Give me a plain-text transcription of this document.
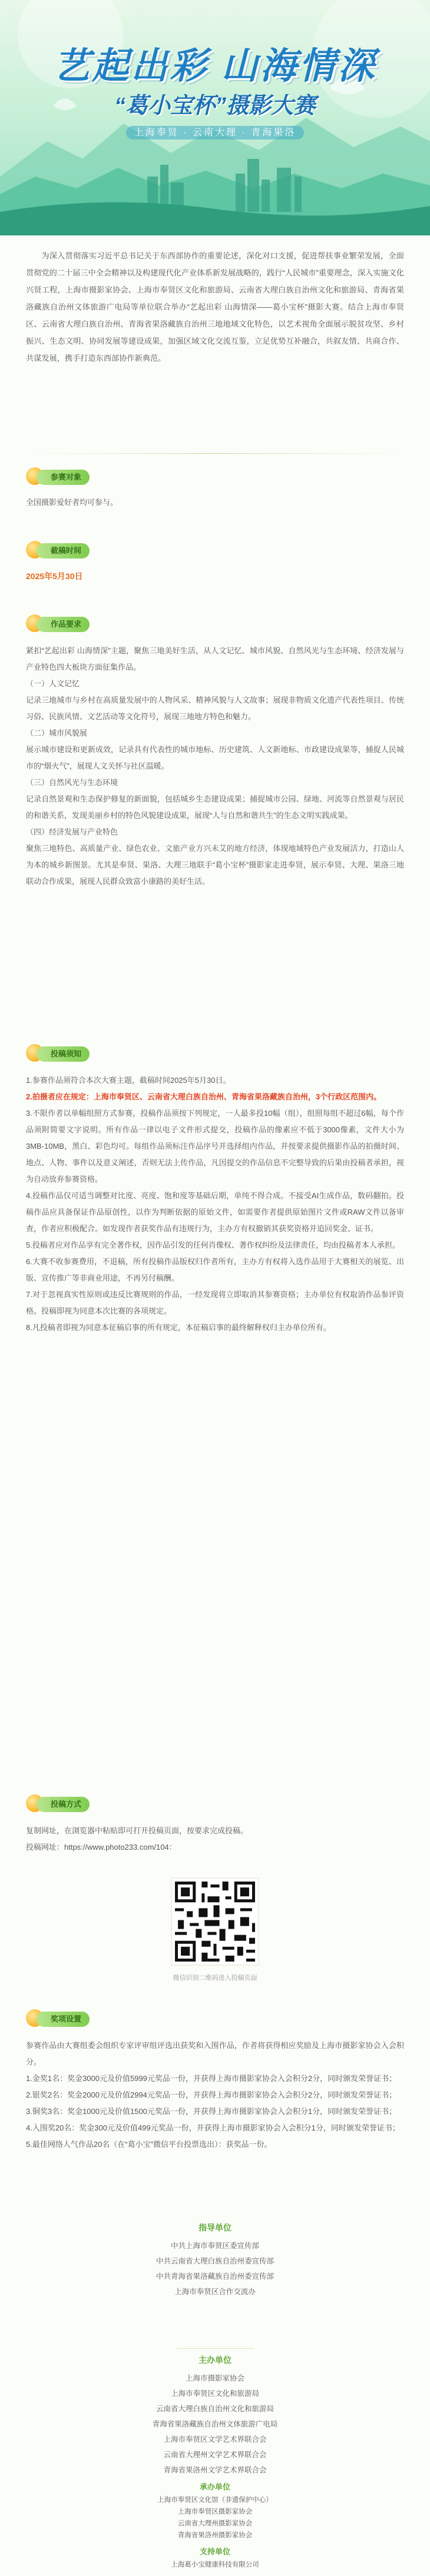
艺起出彩 山海情深
“葛小宝杯”摄影大赛
上海奉贤 · 云南大理 · 青海果洛
为深入贯彻落实习近平总书记关于东西部协作的重要论述，深化对口支援，促进帮扶事业繁荣发展，全面贯彻党的二十届三中全会精神以及构建现代化产业体系新发展战略的，践行“人民城市”重要理念，深入实施文化兴贤工程，上海市摄影家协会、上海市奉贤区文化和旅游局、云南省大理白族自治州文化和旅游局、青海省果洛藏族自治州文体旅游广电局等单位联合举办“艺起出彩 山海情深——葛小宝杯”摄影大赛。结合上海市奉贤区、云南省大理白族自治州、青海省果洛藏族自治州三地地域文化特色，以艺术视角全面展示脱贫攻坚、乡村振兴、生态文明、协同发展等建设成果，加强区域文化交流互鉴，立足优势互补融合，共叙友情、共商合作、共谋发展，携手打造东西部协作新典范。
参赛对象
全国摄影爱好者均可参与。
截稿时间
2025年5月30日
作品要求

紧扣“艺起出彩 山海情深”主题，聚焦三地美好生活，从人文记忆、城市风貌、自然风光与生态环境、经济发展与产业特色四大板块方面征集作品。

（一）人文记忆

记录三地城市与乡村在高质量发展中的人物风采、精神风貌与人文故事；展现非物质文化遗产代表性项目、传统习俗、民族风情、文艺活动等文化符号，展现三地地方特色和魅力。

（二）城市风貌展

展示城市建设和更新成效，记录具有代表性的城市地标、历史建筑、人文新地标、市政建设成果等，捕捉人民城市的“烟火气”，展现人文关怀与社区温暖。

（三）自然风光与生态环境

记录自然景观和生态保护修复的新面貌，包括城乡生态建设成果；捕捉城市公园、绿地、河流等自然景观与居民的和谐关系，发现美丽乡村的特色风貌建设成果，展现“人与自然和谐共生”的生态文明实践成果。

（四）经济发展与产业特色

聚焦三地特色、高质量产业、绿色农业、文旅产业方兴未艾的地方经济，体现地域特色产业发展活力，打造山人为本的城乡新图景。尤其是奉贤、果洛、大理三地联手“葛小宝杯”摄影家走进奉贤，展示奉贤、大理、果洛三地联动合作成果，展现人民群众致富小康路的美好生活。

投稿须知

1.参赛作品须符合本次大赛主题，截稿时间2025年5月30日。

2.拍摄者应在规定：上海市奉贤区、云南省大理白族自治州、青海省果洛藏族自治州，3个行政区范围内。

3.不限作者以单幅组照方式参赛，投稿作品须按下列规定，一人最多投10幅（组），组照每组不超过6幅，每个作品须附简要文字说明。所有作品一律以电子文件形式提交，投稿作品的像素应不低于3000像素，文件大小为3MB-10MB，黑白、彩色均可。每组作品须标注作品序号并选择组内作品，并按要求提供摄影作品的拍摄时间、地点、人物、事件以及意义阐述，否则无法上传作品，凡因提交的作品信息不完整导致的后果由投稿者承担，视为自动放弃参赛资格。

4.投稿作品仅可适当调整对比度、亮度、饱和度等基础后期，单纯不得合成。不接受AI生成作品，数码翻拍。投稿作品应具备保证作品原创性，以作为判断依据的原始文件，如需要作者提供原始图片文件或RAW文件以备审查，作者应积极配合。如发现作者获奖作品有违规行为，主办方有权撤销其获奖资格并追回奖金、证书。

5.投稿者应对作品享有完全著作权，因作品引发的任何肖像权、著作权纠纷及法律责任，均由投稿者本人承担。

6.大赛不收参赛费用，不退稿，所有投稿作品版权归作者所有，主办方有权将入选作品用于大赛相关的展览、出版、宣传推广等非商业用途，不再另付稿酬。

7.对于忽视真实性原则或违反比赛规则的作品，一经发现将立即取消其参赛资格；主办单位有权取消作品参评资格。投稿即视为同意本次比赛的各项规定。

8.凡投稿者即视为同意本征稿启事的所有规定，本征稿启事的最终解释权归主办单位所有。

投稿方式

复制网址，在浏览器中粘贴即可打开投稿页面，按要求完成投稿。

投稿网址：https://www.photo233.com/104：

微信识别二维码进入投稿页面
奖项设置

参赛作品由大赛组委会组织专家评审组评选出获奖和入围作品，作者将获得相应奖励及上海市摄影家协会入会积分。

1.金奖1名：奖金3000元及价值5999元奖品一份，并获得上海市摄影家协会入会积分2分，同时颁发荣誉证书；

2.银奖2名：奖金2000元及价值2994元奖品一份，并获得上海市摄影家协会入会积分2分，同时颁发荣誉证书；

3.铜奖3名：奖金1000元及价值1500元奖品一份，并获得上海市摄影家协会入会积分1分，同时颁发荣誉证书；

4.入围奖20名：奖金300元及价值499元奖品一份，并获得上海市摄影家协会入会积分1分，同时颁发荣誉证书；

5.最佳网络人气作品20名（在“葛小宝”微信平台投票选出）：获奖品一份。

指导单位
中共上海市奉贤区委宣传部
中共云南省大理白族自治州委宣传部
中共青海省果洛藏族自治州委宣传部
上海市奉贤区合作交流办
主办单位
上海市摄影家协会
上海市奉贤区文化和旅游局
云南省大理白族自治州文化和旅游局
青海省果洛藏族自治州文体旅游广电局
上海市奉贤区文学艺术界联合会
云南省大理州文学艺术界联合会
青海省果洛州文学艺术界联合会
承办单位
上海市奉贤区文化馆（非遗保护中心）
上海市奉贤区摄影家协会
云南省大理州摄影家协会
青海省果洛州摄影家协会
支持单位
上海葛小宝健康科技有限公司
